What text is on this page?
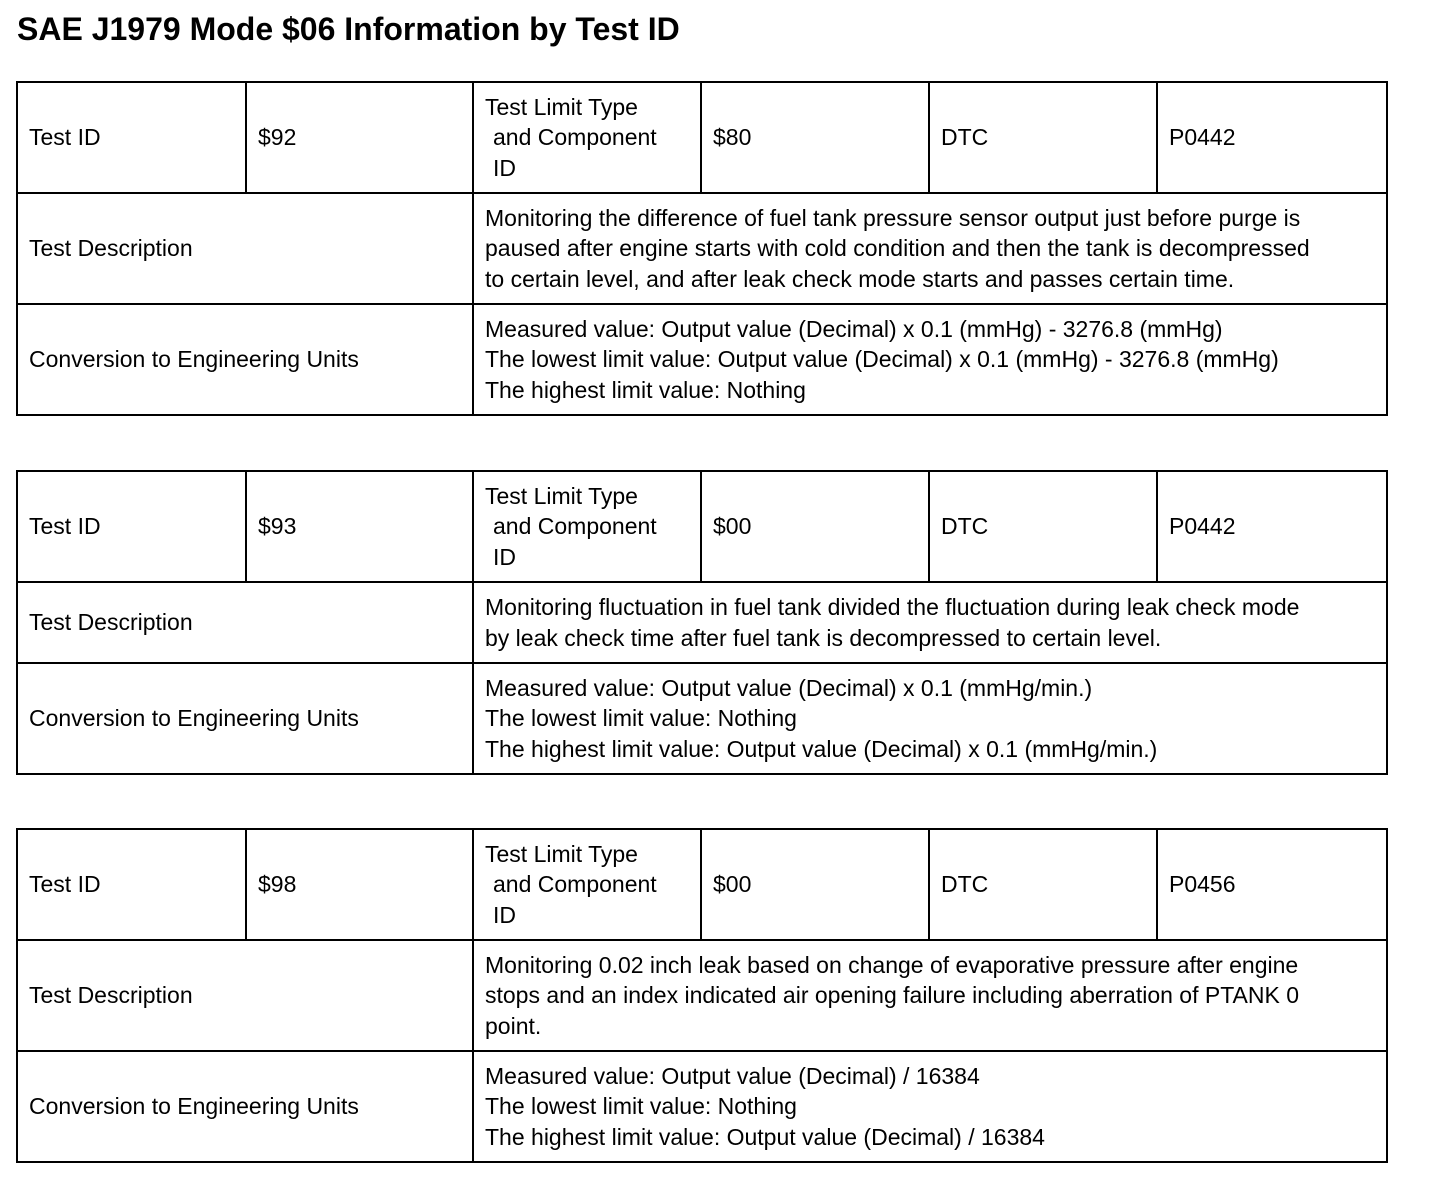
SAE J1979 Mode $06 Information by Test ID
Test ID	$92	Test Limit Type
and Component
ID	$80	DTC	P0442
Test Description		Monitoring the difference of fuel tank pressure sensor output just before purge is
paused after engine starts with cold condition and then the tank is decompressed
to certain level, and after leak check mode starts and passes certain time.			

Conversion to Engineering Units		Measured value: Output value (Decimal) x 0.1 (mmHg) - 3276.8 (mmHg)
The lowest limit value: Output value (Decimal) x 0.1 (mmHg) - 3276.8 (mmHg)
The highest limit value: Nothing			
Test ID	$93	Test Limit Type
and Component
ID	$00	DTC	P0442
Test Description		Monitoring fluctuation in fuel tank divided the fluctuation during leak check mode
by leak check time after fuel tank is decompressed to certain level.			

Conversion to Engineering Units		Measured value: Output value (Decimal) x 0.1 (mmHg/min.)
The lowest limit value: Nothing
The highest limit value: Output value (Decimal) x 0.1 (mmHg/min.)			
Test ID	$98	Test Limit Type
and Component
ID	$00	DTC	P0456
Test Description		Monitoring 0.02 inch leak based on change of evaporative pressure after engine
stops and an index indicated air opening failure including aberration of PTANK 0
point.			

Conversion to Engineering Units		Measured value: Output value (Decimal) / 16384
The lowest limit value: Nothing
The highest limit value: Output value (Decimal) / 16384			
